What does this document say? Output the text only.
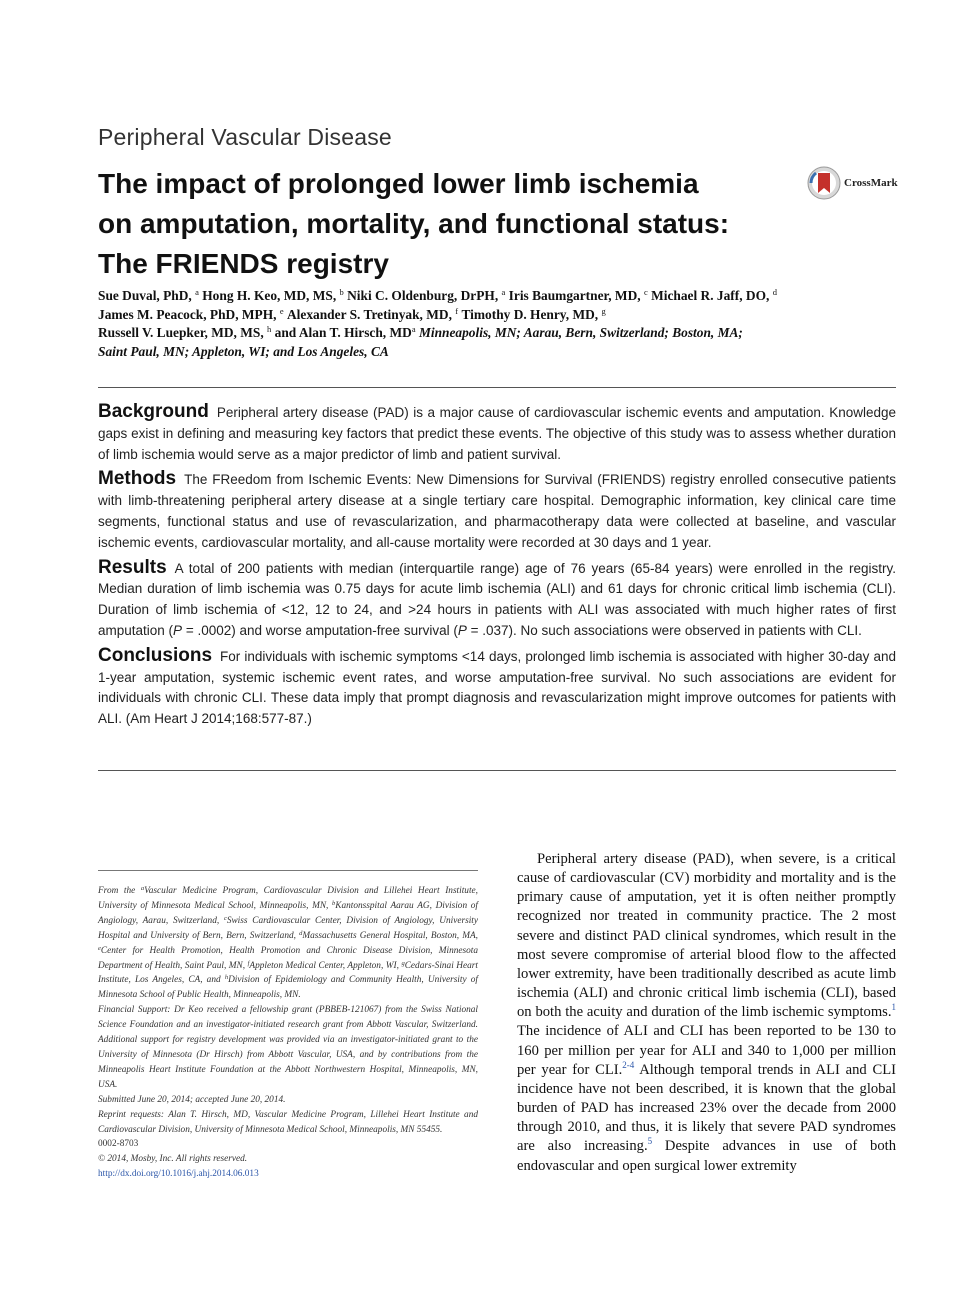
Peripheral Vascular Disease
The impact of prolonged lower limb ischemia
on amputation, mortality, and functional status:
The FRIENDS registry
CrossMark
Sue Duval, PhD, $^a$ Hong H. Keo, MD, MS, $^b$ Niki C. Oldenburg, DrPH, $^a$ Iris Baumgartner, MD, $^c$ Michael R. Jaff, DO, $^d$
James M. Peacock, PhD, MPH, $^e$ Alexander S. Tretinyak, MD, $^f$ Timothy D. Henry, MD, $^g$
Russell V. Luepker, MD, MS, $^h$ and Alan T. Hirsch, $MD^a$ Minneapolis, MN; Aarau, Bern, Switzerland; Boston, MA;
Saint Paul, MN; Appleton, WI; and Los Angeles, CA

Background Peripheral artery disease (PAD) is a major cause of cardiovascular ischemic events and amputation. Knowledge gaps exist in defining and measuring key factors that predict these events. The objective of this study was to assess whether duration of limb ischemia would serve as a major predictor of limb and patient survival.

Methods The FReedom from Ischemic Events: New Dimensions for Survival (FRIENDS) registry enrolled consecutive patients with limb-threatening peripheral artery disease at a single tertiary care hospital. Demographic information, key clinical care time segments, functional status and use of revascularization, and pharmacotherapy data were collected at baseline, and vascular ischemic events, cardiovascular mortality, and all-cause mortality were recorded at 30 days and 1 year.

Results A total of 200 patients with median (interquartile range) age of 76 years (65-84 years) were enrolled in the registry. Median duration of limb ischemia was 0.75 days for acute limb ischemia (ALI) and 61 days for chronic critical limb ischemia (CLI). Duration of limb ischemia of <12, 12 to 24, and >24 hours in patients with ALI was associated with much higher rates of first amputation (P = .0002) and worse amputation-free survival (P = .037). No such associations were observed in patients with CLI.

Conclusions For individuals with ischemic symptoms <14 days, prolonged limb ischemia is associated with higher 30-day and 1-year amputation, systemic ischemic event rates, and worse amputation-free survival. No such associations are evident for individuals with chronic CLI. These data imply that prompt diagnosis and revascularization might improve outcomes for patients with ALI. (Am Heart J 2014;168:577-87.)

From the $^a$Vascular Medicine Program, Cardiovascular Division and Lillehei Heart Institute, University of Minnesota Medical School, Minneapolis, MN, $^b$Kantonsspital Aarau AG, Division of Angiology, Aarau, Switzerland, $^c$Swiss Cardiovascular Center, Division of Angiology, University Hospital and University of Bern, Bern, Switzerland, $^d$Massachusetts General Hospital, Boston, MA, $^e$Center for Health Promotion, Health Promotion and Chronic Disease Division, Minnesota Department of Health, Saint Paul, MN, $^f$Appleton Medical Center, Appleton, WI, $^g$Cedars-Sinai Heart Institute, Los Angeles, CA, and $^h$Division of Epidemiology and Community Health, University of Minnesota School of Public Health, Minneapolis, MN.

Financial Support: Dr Keo received a fellowship grant (PBBEB-121067) from the Swiss National Science Foundation and an investigator-initiated research grant from Abbott Vascular, Switzerland. Additional support for registry development was provided via an investigator-initiated grant to the University of Minnesota (Dr Hirsch) from Abbott Vascular, USA, and by contributions from the Minneapolis Heart Institute Foundation at the Abbott Northwestern Hospital, Minneapolis, MN, USA.

Submitted June 20, 2014; accepted June 20, 2014.

Reprint requests: Alan T. Hirsch, MD, Vascular Medicine Program, Lillehei Heart Institute and Cardiovascular Division, University of Minnesota Medical School, Minneapolis, MN 55455.

0002-8703

© 2014, Mosby, Inc. All rights reserved.

http://dx.doi.org/10.1016/j.ahj.2014.06.013

Peripheral artery disease (PAD), when severe, is a critical cause of cardiovascular (CV) morbidity and mortality and is the primary cause of amputation, yet it is often neither promptly recognized nor treated in community practice. The 2 most severe and distinct PAD clinical syndromes, which result in the most severe compromise of arterial blood flow to the affected lower extremity, have been traditionally described as acute limb ischemia (ALI) and chronic critical limb ischemia (CLI), based on both the acuity and duration of the limb ischemic symptoms.$^1$ The incidence of ALI and CLI has been reported to be 130 to 160 per million per year for ALI and 340 to 1,000 per million per year for CLI.$^{2-4}$ Although temporal trends in ALI and CLI incidence have not been described, it is known that the global burden of PAD has increased 23% over the decade from 2000 through 2010, and thus, it is likely that severe PAD syndromes are also increasing.$^5$ Despite advances in use of both endovascular and open surgical lower extremity
